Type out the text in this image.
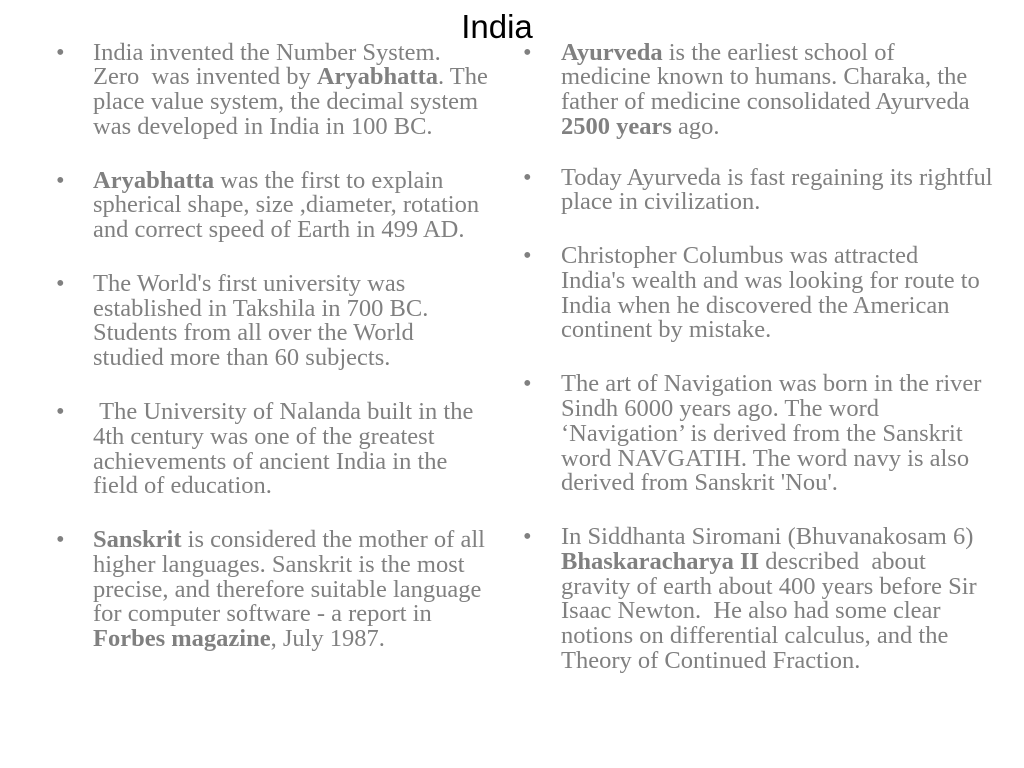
India
• India invented the Number System.
Zero  was invented by Aryabhatta. The
place value system, the decimal system
was developed in India in 100 BC.
• Aryabhatta was the first to explain
spherical shape, size ,diameter, rotation
and correct speed of Earth in 499 AD.
• The World's first university was
established in Takshila in 700 BC.
Students from all over the World
studied more than 60 subjects.
• The University of Nalanda built in the
4th century was one of the greatest
achievements of ancient India in the
field of education.
• Sanskrit is considered the mother of all
higher languages. Sanskrit is the most
precise, and therefore suitable language
for computer software - a report in
Forbes magazine, July 1987.
• Ayurveda is the earliest school of
medicine known to humans. Charaka, the
father of medicine consolidated Ayurveda
2500 years ago.
• Today Ayurveda is fast regaining its rightful
place in civilization.
• Christopher Columbus was attracted
India's wealth and was looking for route to
India when he discovered the American
continent by mistake.
• The art of Navigation was born in the river
Sindh 6000 years ago. The word
‘Navigation’ is derived from the Sanskrit
word NAVGATIH. The word navy is also
derived from Sanskrit 'Nou'.
• In Siddhanta Siromani (Bhuvanakosam 6)
Bhaskaracharya II described  about
gravity of earth about 400 years before Sir
Isaac Newton.  He also had some clear
notions on differential calculus, and the
Theory of Continued Fraction.
